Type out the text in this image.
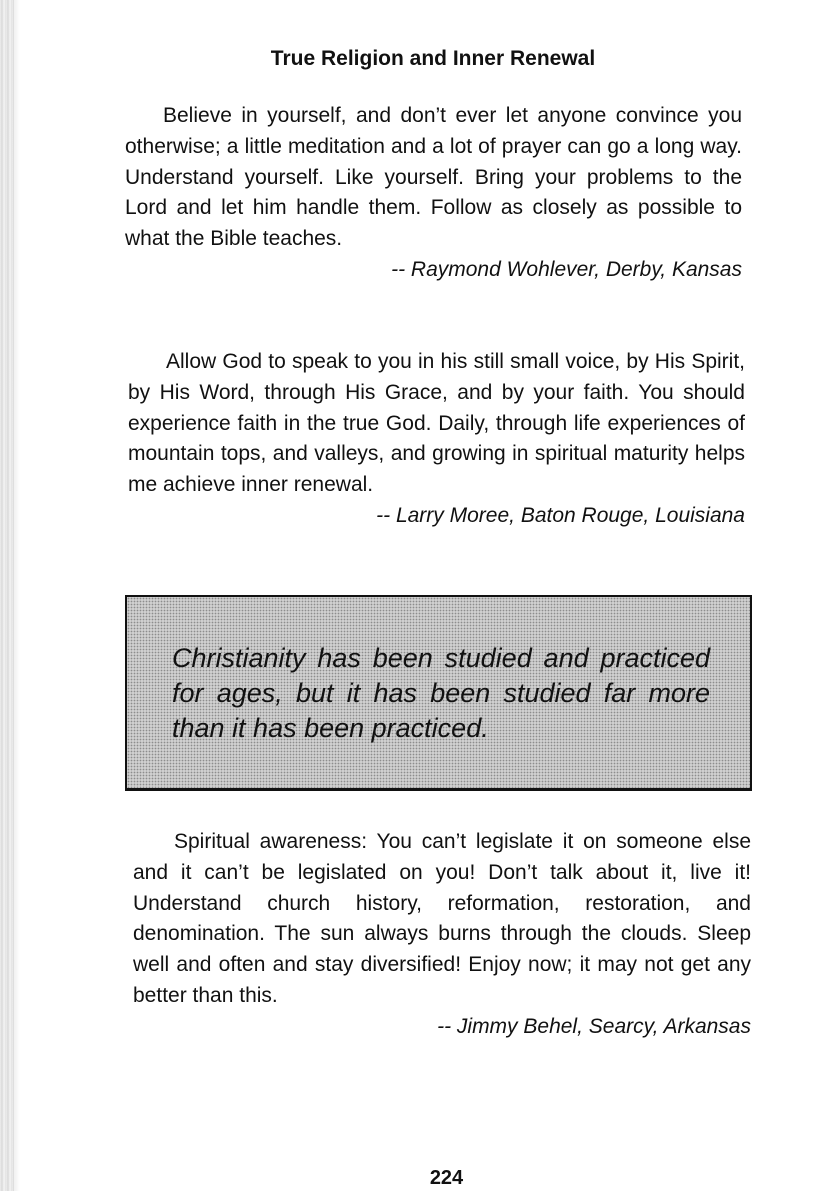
True Religion and Inner Renewal

Believe in yourself, and don’t ever let anyone convince you otherwise; a little meditation and a lot of prayer can go a long way. Understand yourself. Like yourself. Bring your problems to the Lord and let him handle them. Follow as closely as possible to what the Bible teaches.

-- Raymond Wohlever, Derby, Kansas

Allow God to speak to you in his still small voice, by His Spirit, by His Word, through His Grace, and by your faith. You should experience faith in the true God. Daily, through life experiences of mountain tops, and valleys, and growing in spiritual maturity helps me achieve inner renewal.

-- Larry Moree, Baton Rouge, Louisiana

Christianity has been studied and practiced for ages, but it has been studied far more than it has been practiced.

Spiritual awareness: You can’t legislate it on someone else and it can’t be legislated on you! Don’t talk about it, live it! Understand church history, reformation, restoration, and denomination. The sun always burns through the clouds. Sleep well and often and stay diversified! Enjoy now; it may not get any better than this.

-- Jimmy Behel, Searcy, Arkansas

224
